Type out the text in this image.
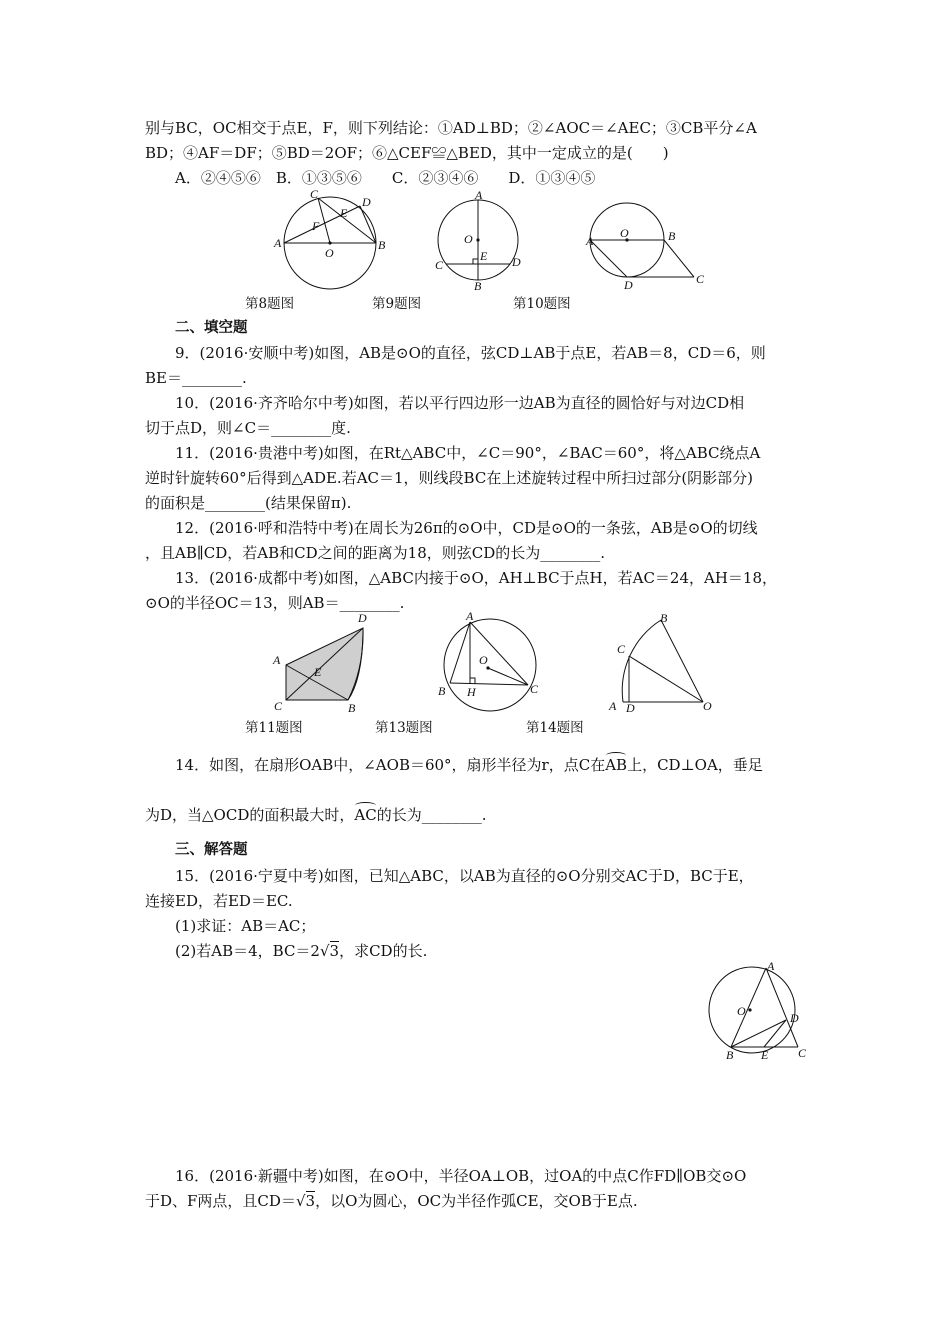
别与BC，OC相交于点E，F，则下列结论：①AD⊥BD；②∠AOC＝∠AEC；③CB平分∠A
BD；④AF＝DF；⑤BD＝2OF；⑥△CEF≌△BED，其中一定成立的是(　　)
A．②④⑤⑥　B．①③⑤⑥　　C．②③④⑥　　D．①③④⑤
C
D
E
F
A
O
B
A
O
E
C	D
B
A
O	B
D	C
第8题图	第9题图	第10题图
二、填空题
9．(2016·安顺中考)如图，AB是⊙O的直径，弦CD⊥AB于点E，若AB＝8，CD＝6，则
BE＝________.
10．(2016·齐齐哈尔中考)如图，若以平行四边形一边AB为直径的圆恰好与对边CD相
切于点D，则∠C＝________度.
11．(2016·贵港中考)如图，在Rt△ABC中，∠C＝90°，∠BAC＝60°，将△ABC绕点A
逆时针旋转60°后得到△ADE.若AC＝1，则线段BC在上述旋转过程中所扫过部分(阴影部分)
的面积是________(结果保留π).
12．(2016·呼和浩特中考)在周长为26π的⊙O中，CD是⊙O的一条弦，AB是⊙O的切线
，且AB∥CD，若AB和CD之间的距离为18，则弦CD的长为________.
13．(2016·成都中考)如图，△ABC内接于⊙O，AH⊥BC于点H，若AC＝24，AH＝18，
⊙O的半径OC＝13，则AB＝________.
D
A
E
C	B
A
O
B H	C
B
C
A D	O
第11题图	第13题图	第14题图
14．如图，在扇形OAB中，∠AOB＝60°，扇形半径为r，点C在AB上，CD⊥OA，垂足
为D，当△OCD的面积最大时，AC的长为________.
三、解答题
15．(2016·宁夏中考)如图，已知△ABC，以AB为直径的⊙O分别交AC于D，BC于E，
连接ED，若ED＝EC.
(1)求证：AB＝AC；
(2)若AB＝4，BC＝2√3，求CD的长.
A
O	D
B E C
16．(2016·新疆中考)如图，在⊙O中，半径OA⊥OB，过OA的中点C作FD∥OB交⊙O
于D、F两点，且CD＝√3，以O为圆心，OC为半径作弧CE，交OB于E点.
